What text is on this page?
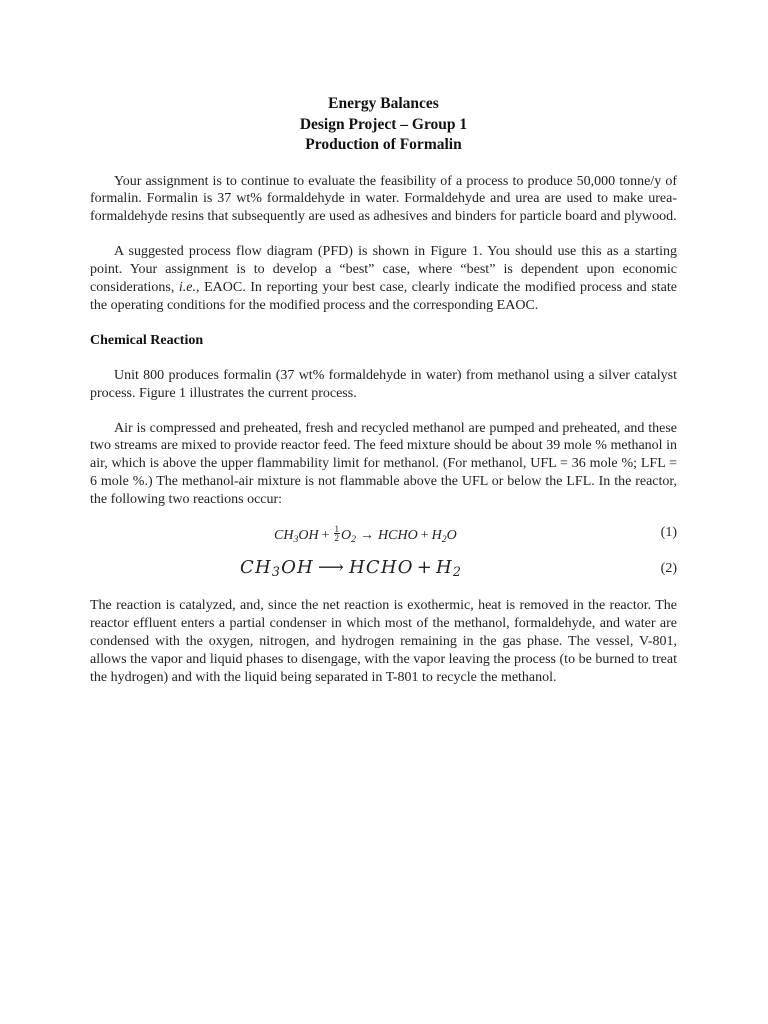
Energy Balances
Design Project – Group 1
Production of Formalin

Your assignment is to continue to evaluate the feasibility of a process to produce 50,000 tonne/y of formalin. Formalin is 37 wt% formaldehyde in water. Formaldehyde and urea are used to make urea-formaldehyde resins that subsequently are used as adhesives and binders for particle board and plywood.

A suggested process flow diagram (PFD) is shown in Figure 1. You should use this as a starting point. Your assignment is to develop a “best” case, where “best” is dependent upon economic considerations, i.e., EAOC. In reporting your best case, clearly indicate the modified process and state the operating conditions for the modified process and the corresponding EAOC.

Chemical Reaction

Unit 800 produces formalin (37 wt% formaldehyde in water) from methanol using a silver catalyst process. Figure 1 illustrates the current process.

Air is compressed and preheated, fresh and recycled methanol are pumped and preheated, and these two streams are mixed to provide reactor feed. The feed mixture should be about 39 mole % methanol in air, which is above the upper flammability limit for methanol. (For methanol, UFL = 36 mole %; LFL = 6 mole %.) The methanol-air mixture is not flammable above the UFL or below the LFL. In the reactor, the following two reactions occur:

$CH_3OH + \frac{1}{2} O_2$ → HCHO + $H_2O$	(1)
$CH_3OH$ ⟶ HCHO + $H_2$	(2)

The reaction is catalyzed, and, since the net reaction is exothermic, heat is removed in the reactor. The reactor effluent enters a partial condenser in which most of the methanol, formaldehyde, and water are condensed with the oxygen, nitrogen, and hydrogen remaining in the gas phase. The vessel, V-801, allows the vapor and liquid phases to disengage, with the vapor leaving the process (to be burned to treat the hydrogen) and with the liquid being separated in T-801 to recycle the methanol.
